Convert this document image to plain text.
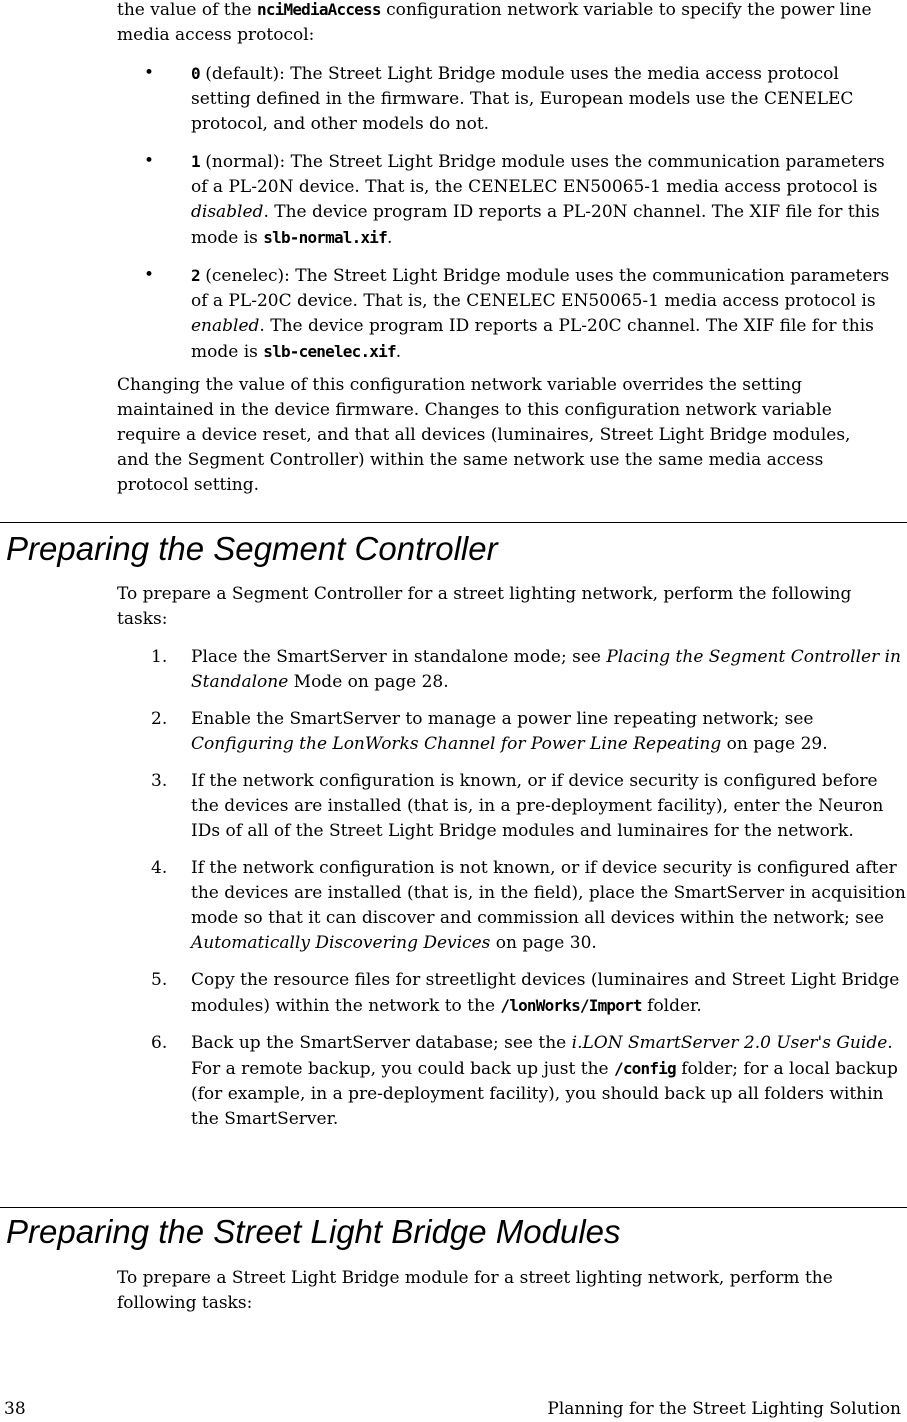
the value of the nciMediaAccess configuration network variable to specify the power line media access protocol:

• 0 (default): The Street Light Bridge module uses the media access protocol setting defined in the firmware. That is, European models use the CENELEC protocol, and other models do not.
• 1 (normal): The Street Light Bridge module uses the communication parameters of a PL-20N device. That is, the CENELEC EN50065-1 media access protocol is disabled. The device program ID reports a PL-20N channel. The XIF file for this mode is slb-normal.xif.
• 2 (cenelec): The Street Light Bridge module uses the communication parameters of a PL-20C device. That is, the CENELEC EN50065-1 media access protocol is enabled. The device program ID reports a PL-20C channel. The XIF file for this mode is slb-cenelec.xif.

Changing the value of this configuration network variable overrides the setting maintained in the device firmware. Changes to this configuration network variable require a device reset, and that all devices (luminaires, Street Light Bridge modules, and the Segment Controller) within the same network use the same media access protocol setting.

Preparing the Segment Controller

To prepare a Segment Controller for a street lighting network, perform the following tasks:

1. Place the SmartServer in standalone mode; see Placing the Segment Controller in Standalone Mode on page 28.
2. Enable the SmartServer to manage a power line repeating network; see Configuring the LonWorks Channel for Power Line Repeating on page 29.
3. If the network configuration is known, or if device security is configured before the devices are installed (that is, in a pre-deployment facility), enter the Neuron IDs of all of the Street Light Bridge modules and luminaires for the network.
4. If the network configuration is not known, or if device security is configured after the devices are installed (that is, in the field), place the SmartServer in acquisition mode so that it can discover and commission all devices within the network; see Automatically Discovering Devices on page 30.
5. Copy the resource files for streetlight devices (luminaires and Street Light Bridge modules) within the network to the /lonWorks/Import folder.
6. Back up the SmartServer database; see the i.LON SmartServer 2.0 User's Guide. For a remote backup, you could back up just the /config folder; for a local backup (for example, in a pre-deployment facility), you should back up all folders within the SmartServer.
Preparing the Street Light Bridge Modules

To prepare a Street Light Bridge module for a street lighting network, perform the following tasks:

38	Planning for the Street Lighting Solution
